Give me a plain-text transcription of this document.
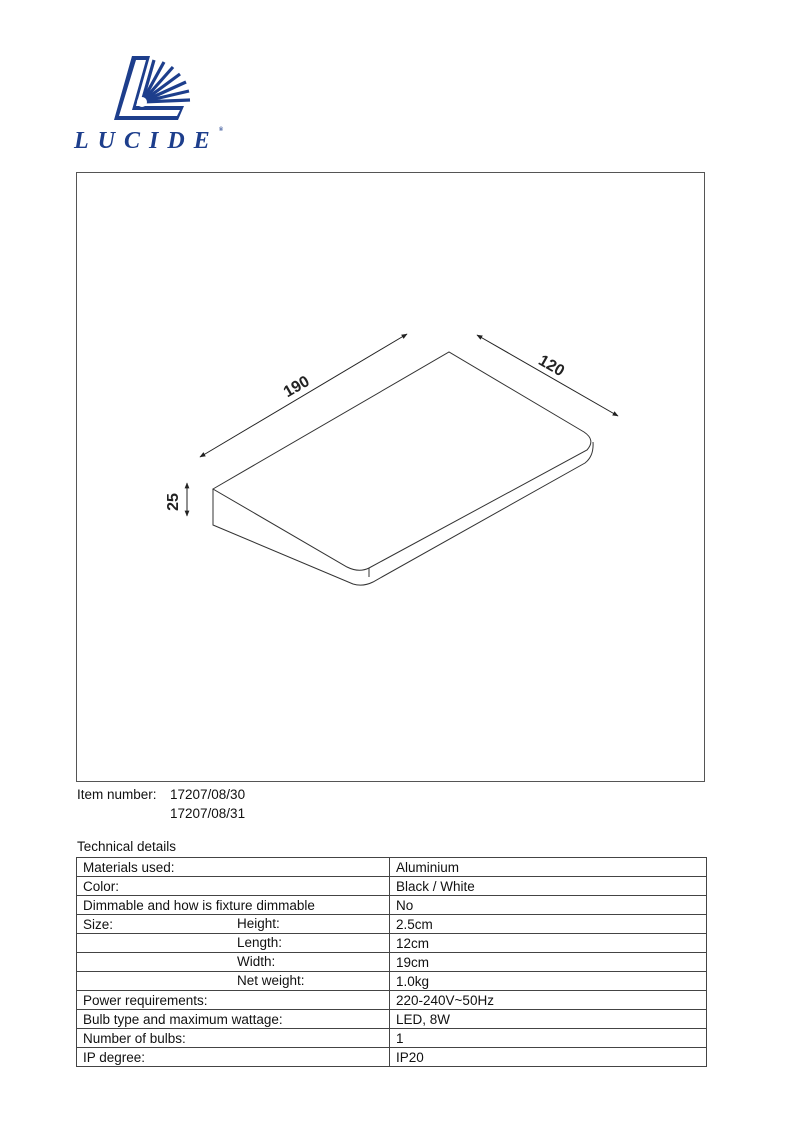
LUCIDE®
190
120
25
Item number: 17207/08/30
17207/08/31
Technical details
Materials used:	Aluminium
Color:	Black / White
Dimmable and how is fixture dimmable	No
Size: Height:	2.5cm

Length:	12cm

Width:	19cm

Net weight:	1.0kg
Power requirements:	220-240V~50Hz
Bulb type and maximum wattage:	LED, 8W
Number of bulbs:	1
IP degree:	IP20
